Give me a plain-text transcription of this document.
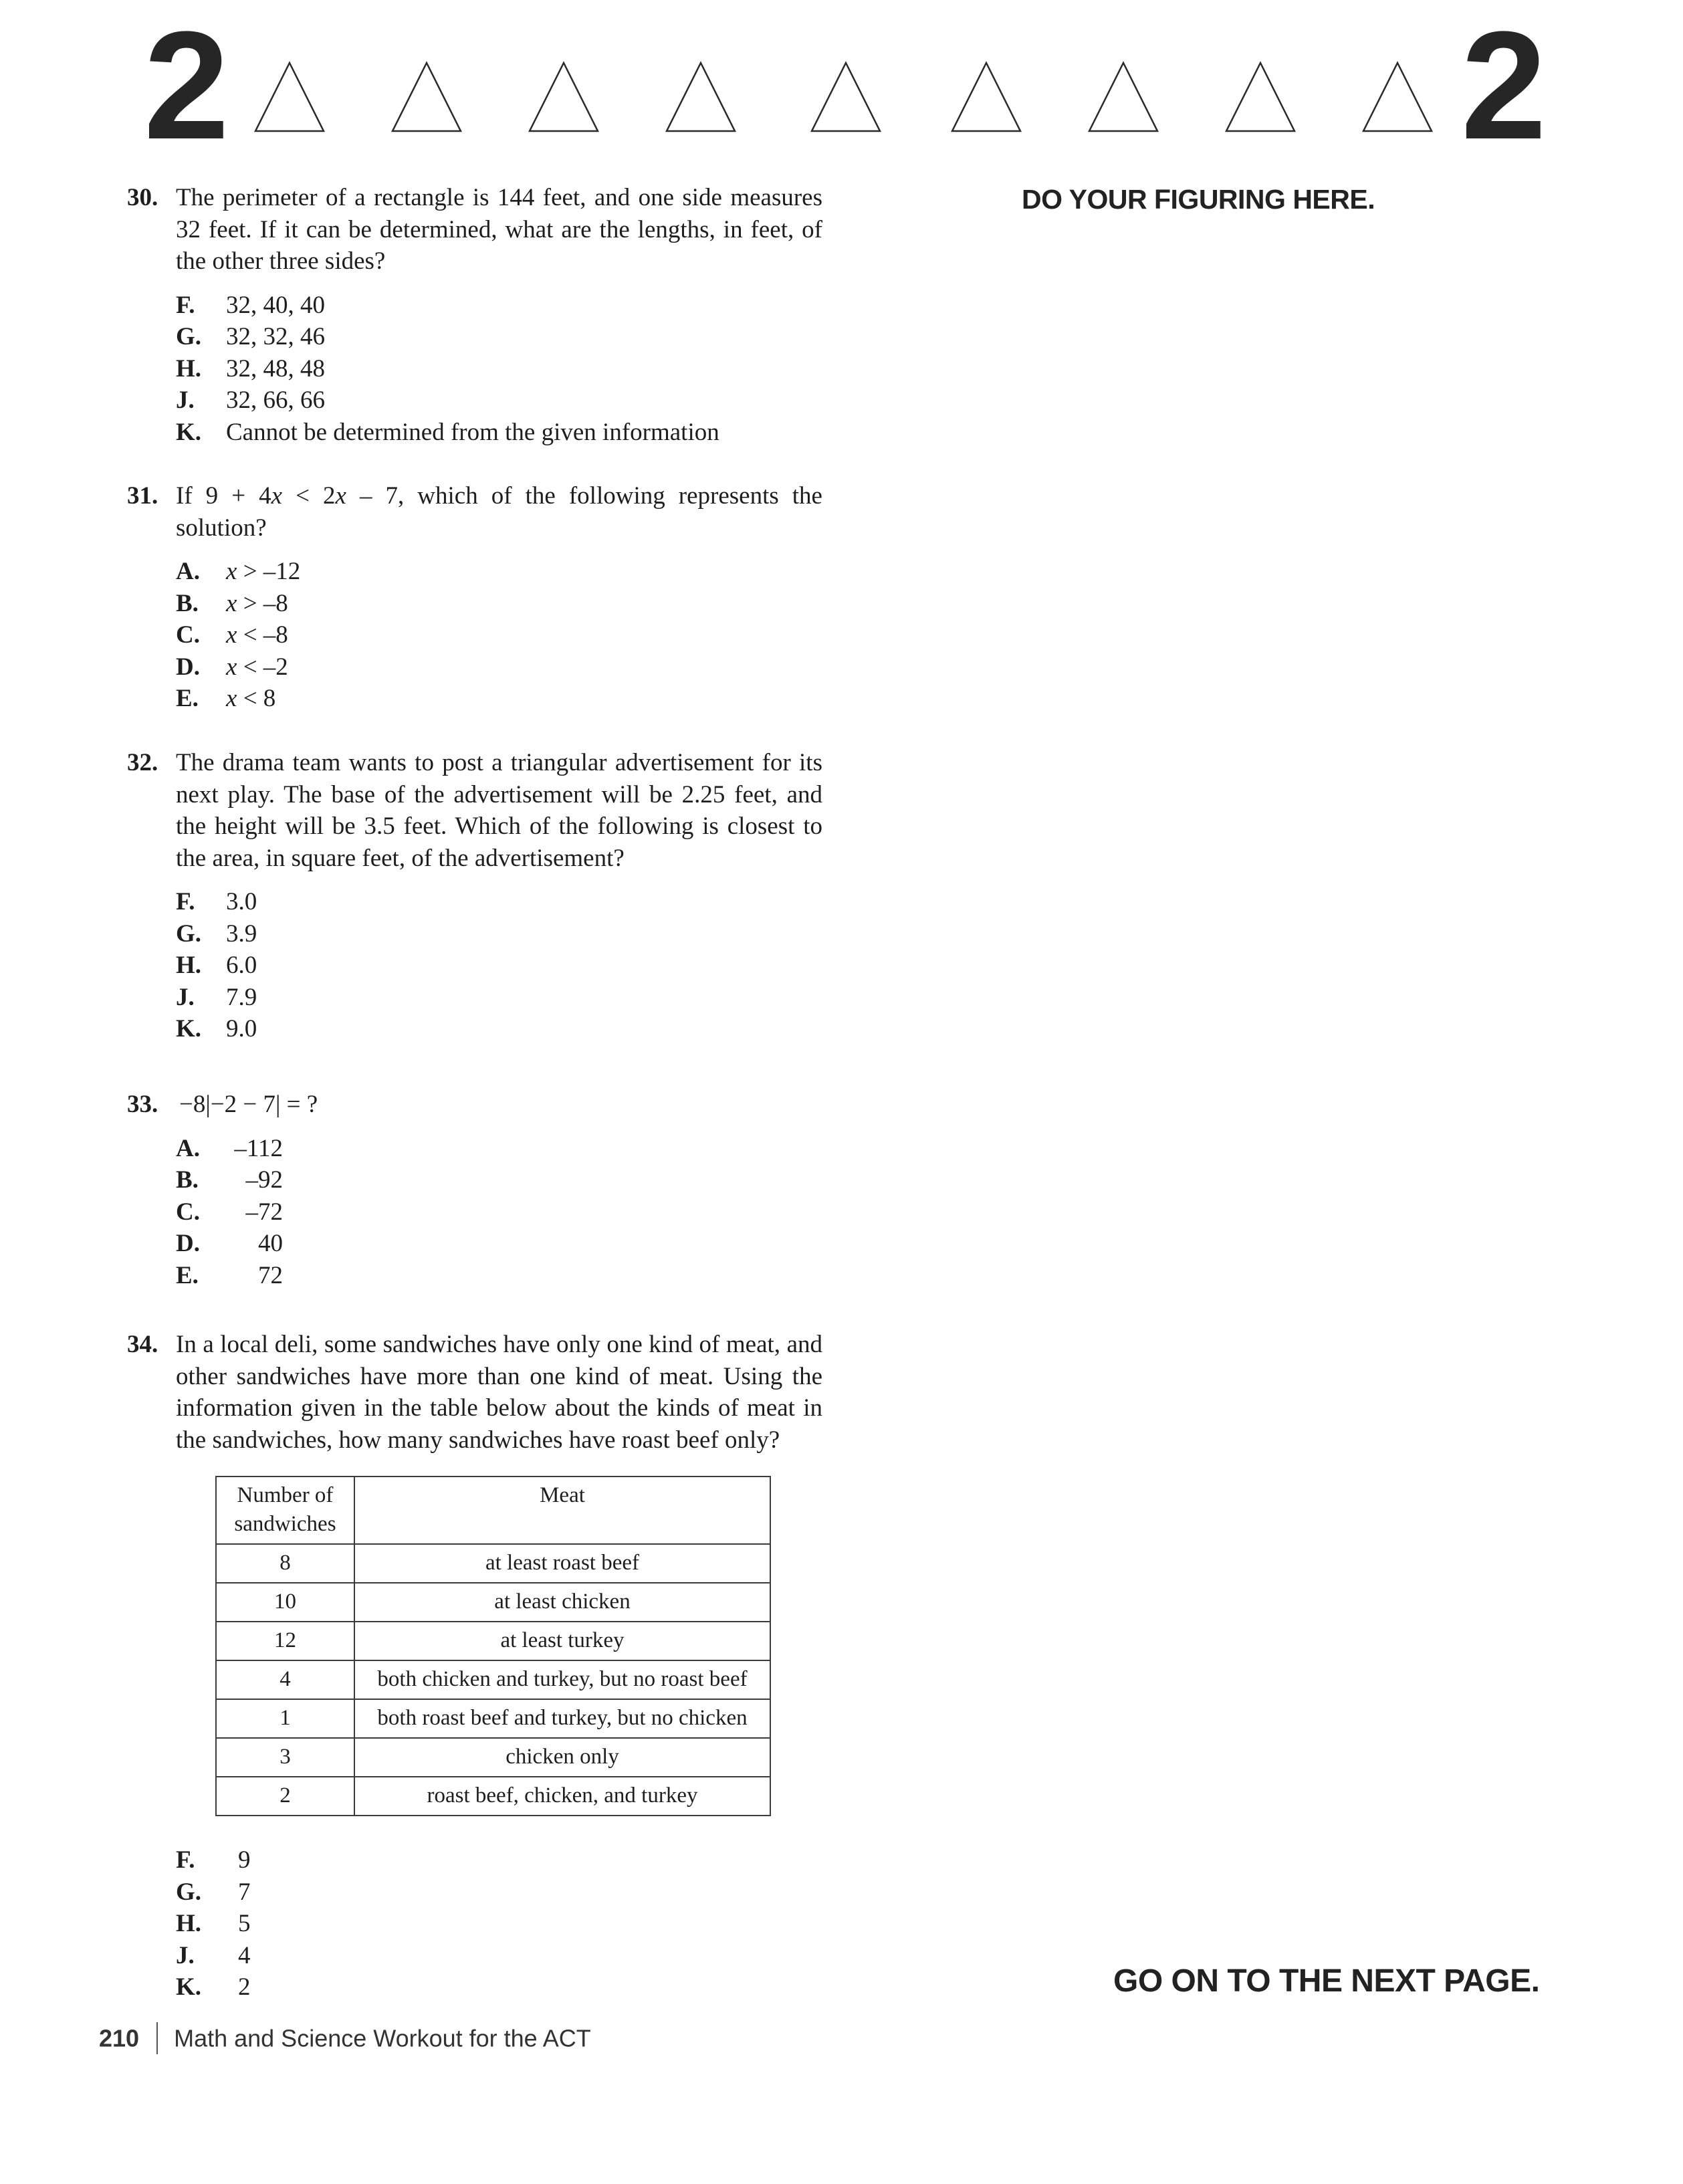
2	2
DO YOUR FIGURING HERE.
GO ON TO THE NEXT PAGE.
30. The perimeter of a rectangle is 144 feet, and one side measures 32 feet. If it can be determined, what are the lengths, in feet, of the other three sides?
F. 32, 40, 40
G. 32, 32, 46
H. 32, 48, 48
J. 32, 66, 66
K. Cannot be determined from the given information
31. If 9 + 4x < 2x – 7, which of the following represents the solution?
A. x > –12
B. x > –8
C. x < –8
D. x < –2
E. x < 8
32. The drama team wants to post a triangular advertisement for its next play. The base of the advertisement will be 2.25 feet, and the height will be 3.5 feet. Which of the following is closest to the area, in square feet, of the advertisement?
F. 3.0
G. 3.9
H. 6.0
J. 7.9
K. 9.0
33. −8|−2 − 7| = ?
A. –112
B. –92
C. –72
D. 40
E. 72
34. In a local deli, some sandwiches have only one kind of meat, and other sandwiches have more than one kind of meat. Using the information given in the table below about the kinds of meat in the sandwiches, how many sandwiches have roast beef only?
Number of
sandwiches	Meat
8	at least roast beef
10	at least chicken
12	at least turkey
4	both chicken and turkey, but no roast beef
1	both roast beef and turkey, but no chicken
3	chicken only
2	roast beef, chicken, and turkey
F. 9
G. 7
H. 5
J. 4
K. 2
210 Math and Science Workout for the ACT
